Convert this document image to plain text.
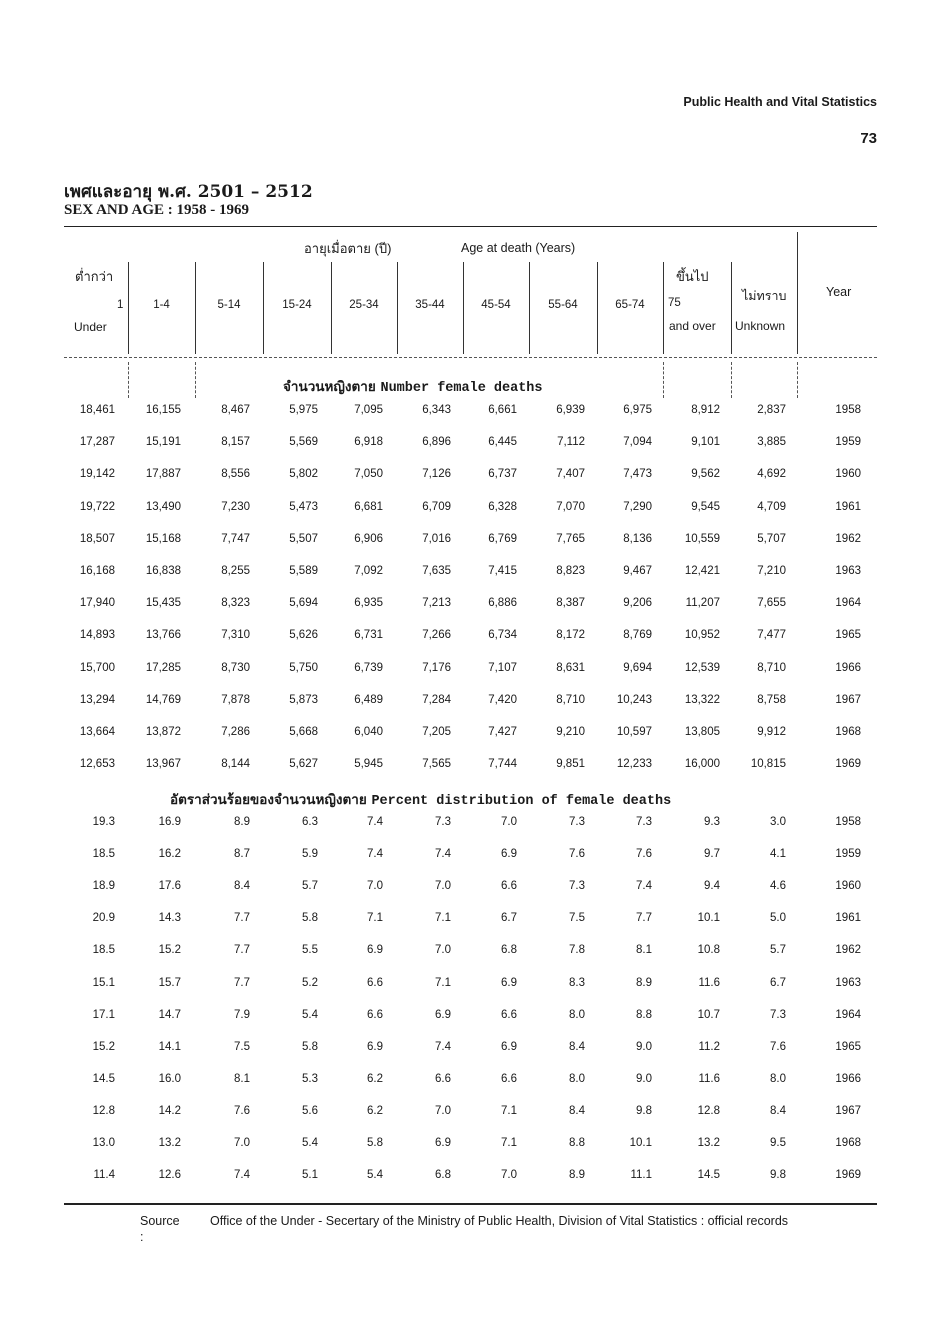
Public Health and Vital Statistics
73
เพศและอายุ พ.ศ. 2501 – 2512
SEX AND AGE : 1958 - 1969
อายุเมื่อตาย (ปี)	Age at death (Years)
ต่ำกว่า
1
Under
1-4	5-14	15-24	25-34	35-44	45-54	55-64	65-74
ขึ้นไป
75
and over
ไม่ทราบ
Unknown
Year
จำนวนหญิงตาย Number female deaths
อัตราส่วนร้อยของจำนวนหญิงตาย Percent distribution of female deaths
18,461	16,155	8,467	5,975	7,095	6,343	6,661	6,939	6,975	8,912	2,837	1958
17,287	15,191	8,157	5,569	6,918	6,896	6,445	7,112	7,094	9,101	3,885	1959
19,142	17,887	8,556	5,802	7,050	7,126	6,737	7,407	7,473	9,562	4,692	1960
19,722	13,490	7,230	5,473	6,681	6,709	6,328	7,070	7,290	9,545	4,709	1961
18,507	15,168	7,747	5,507	6,906	7,016	6,769	7,765	8,136	10,559	5,707	1962
16,168	16,838	8,255	5,589	7,092	7,635	7,415	8,823	9,467	12,421	7,210	1963
17,940	15,435	8,323	5,694	6,935	7,213	6,886	8,387	9,206	11,207	7,655	1964
14,893	13,766	7,310	5,626	6,731	7,266	6,734	8,172	8,769	10,952	7,477	1965
15,700	17,285	8,730	5,750	6,739	7,176	7,107	8,631	9,694	12,539	8,710	1966
13,294	14,769	7,878	5,873	6,489	7,284	7,420	8,710	10,243	13,322	8,758	1967
13,664	13,872	7,286	5,668	6,040	7,205	7,427	9,210	10,597	13,805	9,912	1968
12,653	13,967	8,144	5,627	5,945	7,565	7,744	9,851	12,233	16,000	10,815	1969
19.3	16.9	8.9	6.3	7.4	7.3	7.0	7.3	7.3	9.3	3.0	1958
18.5	16.2	8.7	5.9	7.4	7.4	6.9	7.6	7.6	9.7	4.1	1959
18.9	17.6	8.4	5.7	7.0	7.0	6.6	7.3	7.4	9.4	4.6	1960
20.9	14.3	7.7	5.8	7.1	7.1	6.7	7.5	7.7	10.1	5.0	1961
18.5	15.2	7.7	5.5	6.9	7.0	6.8	7.8	8.1	10.8	5.7	1962
15.1	15.7	7.7	5.2	6.6	7.1	6.9	8.3	8.9	11.6	6.7	1963
17.1	14.7	7.9	5.4	6.6	6.9	6.6	8.0	8.8	10.7	7.3	1964
15.2	14.1	7.5	5.8	6.9	7.4	6.9	8.4	9.0	11.2	7.6	1965
14.5	16.0	8.1	5.3	6.2	6.6	6.6	8.0	9.0	11.6	8.0	1966
12.8	14.2	7.6	5.6	6.2	7.0	7.1	8.4	9.8	12.8	8.4	1967
13.0	13.2	7.0	5.4	5.8	6.9	7.1	8.8	10.1	13.2	9.5	1968
11.4	12.6	7.4	5.1	5.4	6.8	7.0	8.9	11.1	14.5	9.8	1969
Source :
Office of the Under - Secertary of the Ministry of Public Health, Division of Vital Statistics : official records
